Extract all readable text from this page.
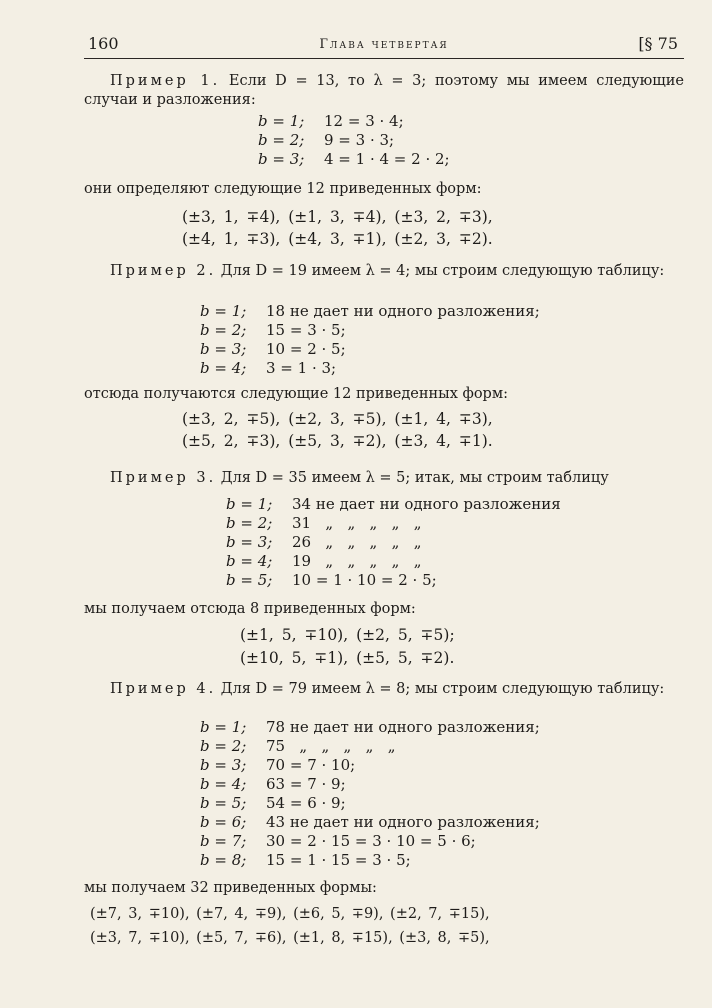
160	Глава четвертая	[§ 75
Пример 1. Если D = 13, то λ = 3; поэтому мы имеем следующие случаи и разложения:
b = 1; 12 = 3 · 4;
b = 2; 9 = 3 · 3;
b = 3; 4 = 1 · 4 = 2 · 2;
они определяют следующие 12 приведенных форм:
(±3, 1, ∓4), (±1, 3, ∓4), (±3, 2, ∓3),
(±4, 1, ∓3), (±4, 3, ∓1), (±2, 3, ∓2).
Пример 2. Для D = 19 имеем λ = 4; мы строим следующую таблицу:
b = 1; 18 не дает ни одного разложения;
b = 2; 15 = 3 · 5;
b = 3; 10 = 2 · 5;
b = 4; 3 = 1 · 3;
отсюда получаются следующие 12 приведенных форм:
(±3, 2, ∓5), (±2, 3, ∓5), (±1, 4, ∓3),
(±5, 2, ∓3), (±5, 3, ∓2), (±3, 4, ∓1).
Пример 3. Для D = 35 имеем λ = 5; итак, мы строим таблицу
b = 1; 34 не дает ни одного разложения
b = 2; 31   „   „   „   „   „
b = 3; 26   „   „   „   „   „
b = 4; 19   „   „   „   „   „
b = 5; 10 = 1 · 10 = 2 · 5;
мы получаем отсюда 8 приведенных форм:
(±1, 5, ∓10), (±2, 5, ∓5);
(±10, 5, ∓1), (±5, 5, ∓2).
Пример 4. Для D = 79 имеем λ = 8; мы строим следующую таблицу:
b = 1; 78 не дает ни одного разложения;
b = 2; 75   „   „   „   „   „
b = 3; 70 = 7 · 10;
b = 4; 63 = 7 · 9;
b = 5; 54 = 6 · 9;
b = 6; 43 не дает ни одного разложения;
b = 7; 30 = 2 · 15 = 3 · 10 = 5 · 6;
b = 8; 15 = 1 · 15 = 3 · 5;
мы получаем 32 приведенных формы:
(±7, 3, ∓10), (±7, 4, ∓9), (±6, 5, ∓9), (±2, 7, ∓15),
(±3, 7, ∓10), (±5, 7, ∓6), (±1, 8, ∓15), (±3, 8, ∓5),
